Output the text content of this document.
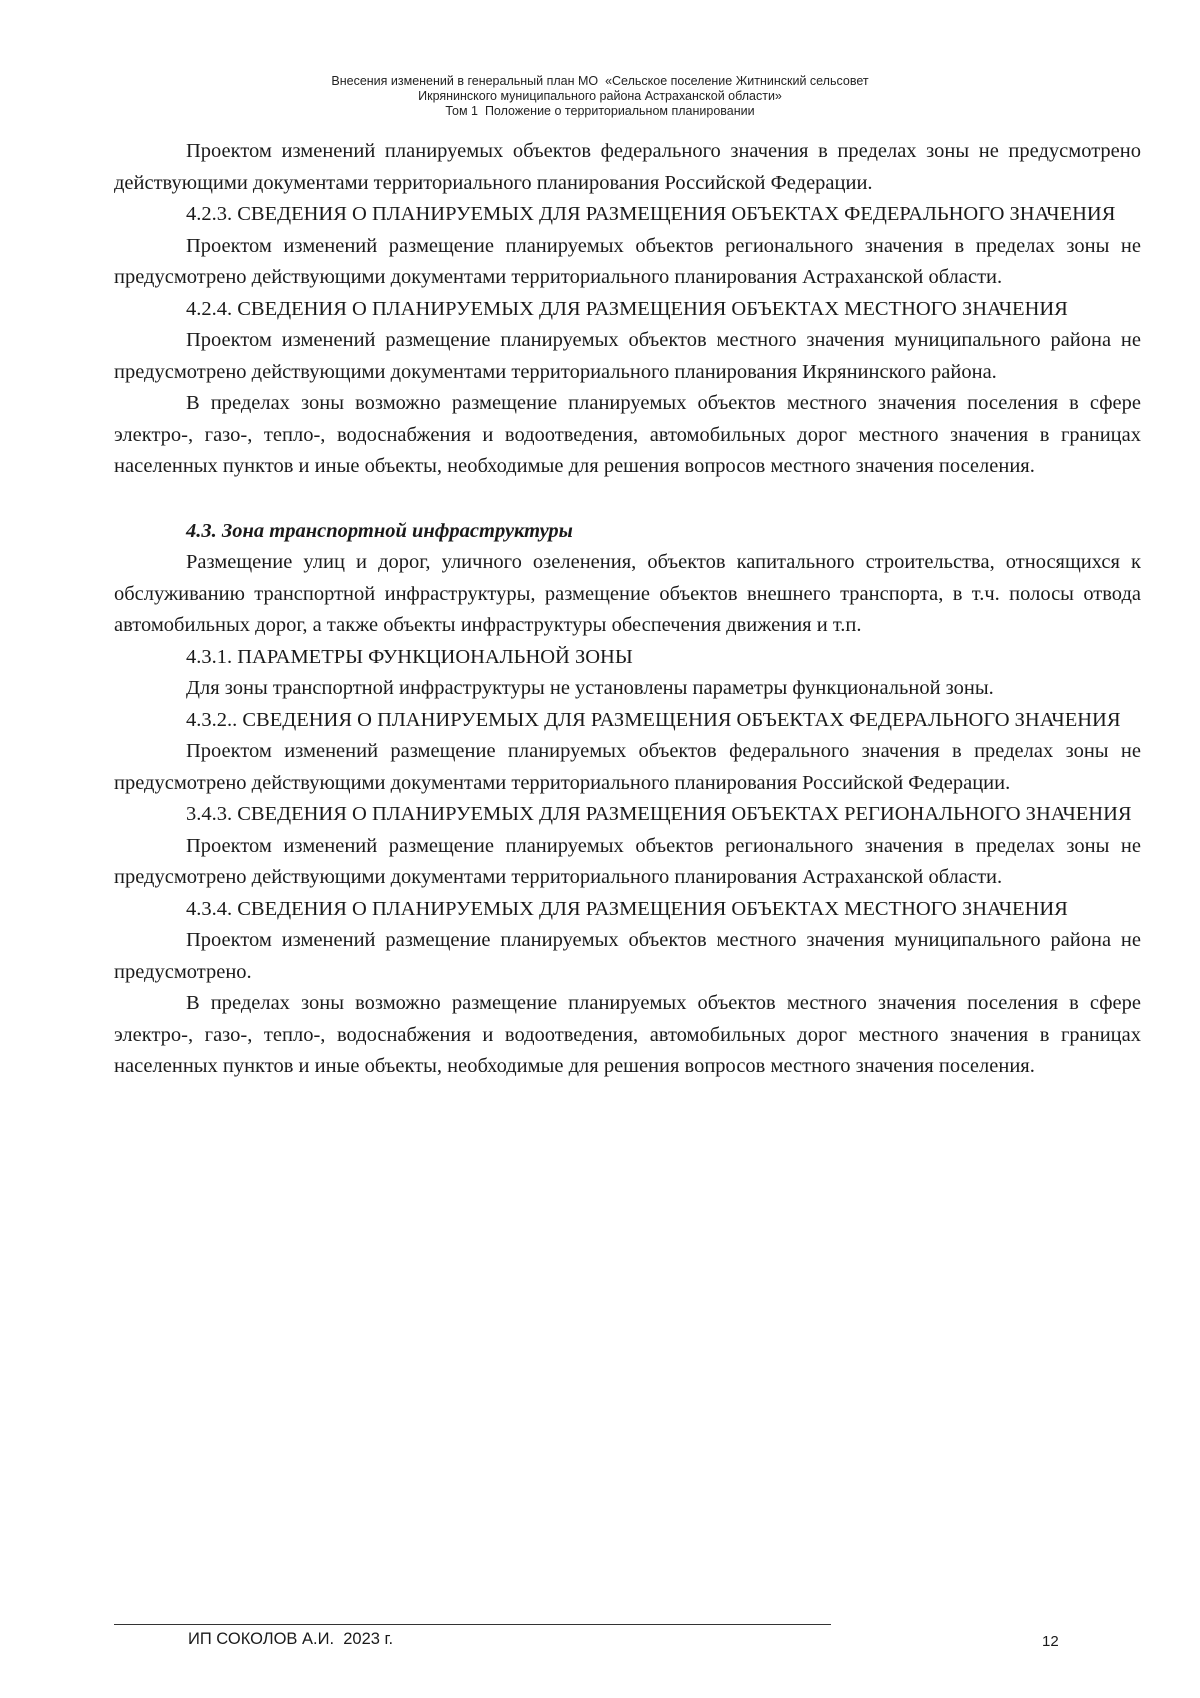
Внесения изменений в генеральный план МО  «Сельское поселение Житнинский сельсовет
Икрянинского муниципального района Астраханской области»
Том 1  Положение о территориальном планировании

Проектом изменений планируемых объектов федерального значения в пределах зоны не предусмотрено действующими документами территориального планирования Российской Федерации.

4.2.3. СВЕДЕНИЯ О ПЛАНИРУЕМЫХ ДЛЯ РАЗМЕЩЕНИЯ ОБЪЕКТАХ ФЕДЕРАЛЬНОГО ЗНАЧЕНИЯ

Проектом изменений размещение планируемых объектов регионального значения в пределах зоны не предусмотрено действующими документами территориального планирования Астраханской области.

4.2.4. СВЕДЕНИЯ О ПЛАНИРУЕМЫХ ДЛЯ РАЗМЕЩЕНИЯ ОБЪЕКТАХ МЕСТНОГО ЗНАЧЕНИЯ

Проектом изменений размещение планируемых объектов местного значения муниципального района не предусмотрено действующими документами территориального планирования Икрянинского района.

В пределах зоны возможно размещение планируемых объектов местного значения поселения в сфере электро-, газо-, тепло-, водоснабжения и водоотведения, автомобильных дорог местного значения в границах населенных пунктов и иные объекты, необходимые для решения вопросов местного значения поселения.

4.3. Зона транспортной инфраструктуры

Размещение улиц и дорог, уличного озеленения, объектов капитального строительства, относящихся к обслуживанию транспортной инфраструктуры, размещение объектов внешнего транспорта, в т.ч. полосы отвода автомобильных дорог, а также объекты инфраструктуры обеспечения движения и т.п.

4.3.1. ПАРАМЕТРЫ ФУНКЦИОНАЛЬНОЙ ЗОНЫ

Для зоны транспортной инфраструктуры не установлены параметры функциональной зоны.

4.3.2.. СВЕДЕНИЯ О ПЛАНИРУЕМЫХ ДЛЯ РАЗМЕЩЕНИЯ ОБЪЕКТАХ ФЕДЕРАЛЬНОГО ЗНАЧЕНИЯ

Проектом изменений размещение планируемых объектов федерального значения в пределах зоны не предусмотрено действующими документами территориального планирования Российской Федерации.

3.4.3. СВЕДЕНИЯ О ПЛАНИРУЕМЫХ ДЛЯ РАЗМЕЩЕНИЯ ОБЪЕКТАХ РЕГИОНАЛЬНОГО ЗНАЧЕНИЯ

Проектом изменений размещение планируемых объектов регионального значения в пределах зоны не предусмотрено действующими документами территориального планирования Астраханской области.

4.3.4. СВЕДЕНИЯ О ПЛАНИРУЕМЫХ ДЛЯ РАЗМЕЩЕНИЯ ОБЪЕКТАХ МЕСТНОГО ЗНАЧЕНИЯ

Проектом изменений размещение планируемых объектов местного значения муниципального района не предусмотрено.

В пределах зоны возможно размещение планируемых объектов местного значения поселения в сфере электро-, газо-, тепло-, водоснабжения и водоотведения, автомобильных дорог местного значения в границах населенных пунктов и иные объекты, необходимые для решения вопросов местного значения поселения.

ИП СОКОЛОВ А.И.  2023 г.	12
